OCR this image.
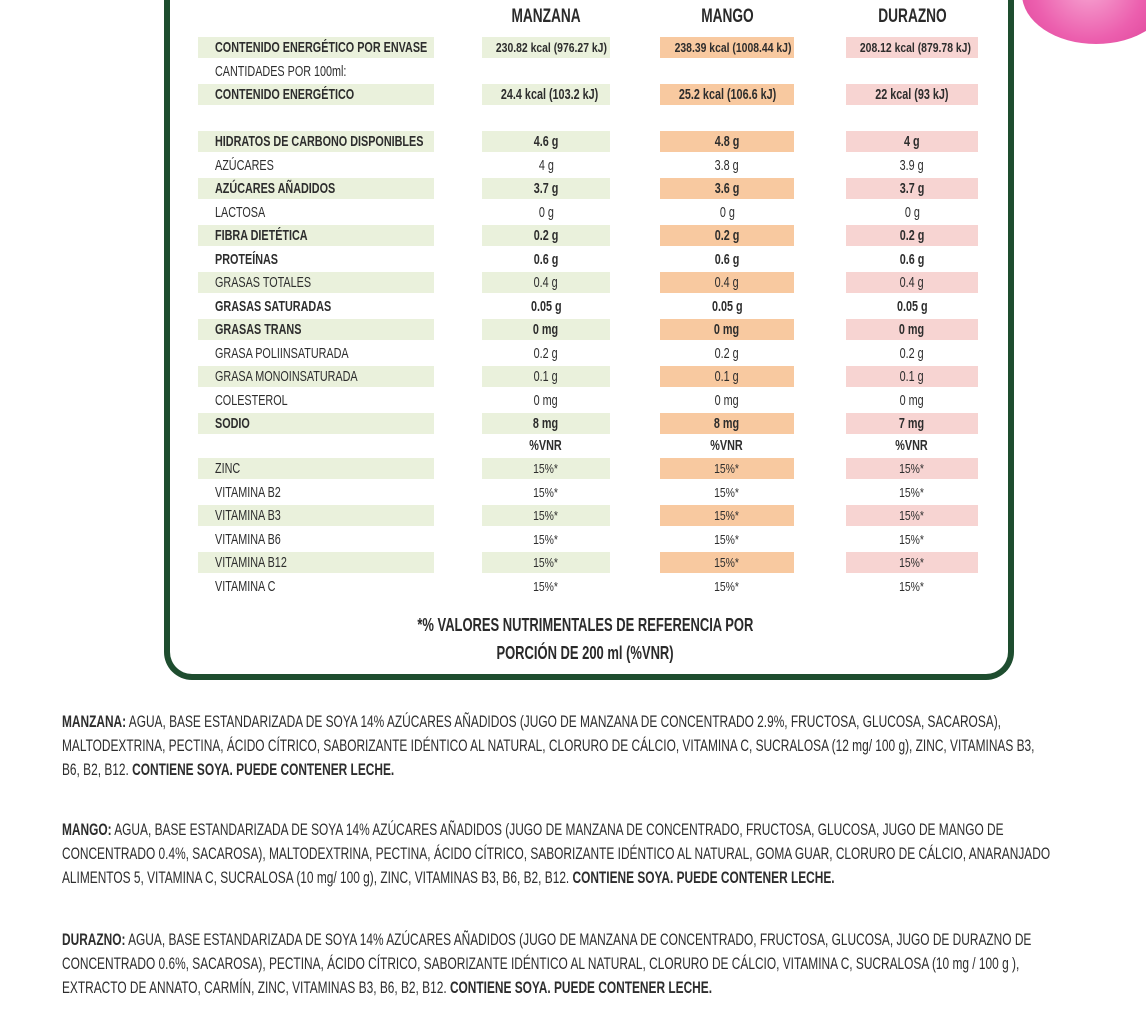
MANZANA	MANGO	DURAZNO
CONTENIDO ENERGÉTICO POR ENVASE	230.82 kcal (976.27 kJ)	238.39 kcal (1008.44 kJ)	208.12 kcal (879.78 kJ)
CANTIDADES POR 100ml:
CONTENIDO ENERGÉTICO	24.4 kcal (103.2 kJ)	25.2 kcal (106.6 kJ)	22 kcal (93 kJ)
HIDRATOS DE CARBONO DISPONIBLES	4.6 g	4.8 g	4 g
AZÚCARES	4 g	3.8 g	3.9 g
AZÚCARES AÑADIDOS	3.7 g	3.6 g	3.7 g
LACTOSA	0 g	0 g	0 g
FIBRA DIETÉTICA	0.2 g	0.2 g	0.2 g
PROTEÍNAS	0.6 g	0.6 g	0.6 g
GRASAS TOTALES	0.4 g	0.4 g	0.4 g
GRASAS SATURADAS	0.05 g	0.05 g	0.05 g
GRASAS TRANS	0 mg	0 mg	0 mg
GRASA POLIINSATURADA	0.2 g	0.2 g	0.2 g
GRASA MONOINSATURADA	0.1 g	0.1 g	0.1 g
COLESTEROL	0 mg	0 mg	0 mg
SODIO	8 mg	8 mg	7 mg
%VNR	%VNR	%VNR
ZINC	15%*	15%*	15%*
VITAMINA B2	15%*	15%*	15%*
VITAMINA B3	15%*	15%*	15%*
VITAMINA B6	15%*	15%*	15%*
VITAMINA B12	15%*	15%*	15%*
VITAMINA C	15%*	15%*	15%*
*% VALORES NUTRIMENTALES DE REFERENCIA POR
PORCIÓN DE 200 ml (%VNR)
MANZANA: AGUA, BASE ESTANDARIZADA DE SOYA 14% AZÚCARES AÑADIDOS (JUGO DE MANZANA DE CONCENTRADO 2.9%, FRUCTOSA, GLUCOSA, SACAROSA),
MALTODEXTRINA, PECTINA, ÁCIDO CÍTRICO, SABORIZANTE IDÉNTICO AL NATURAL, CLORURO DE CÁLCIO, VITAMINA C, SUCRALOSA (12 mg/ 100 g), ZINC, VITAMINAS B3,
B6, B2, B12. CONTIENE SOYA. PUEDE CONTENER LECHE.
MANGO: AGUA, BASE ESTANDARIZADA DE SOYA 14% AZÚCARES AÑADIDOS (JUGO DE MANZANA DE CONCENTRADO, FRUCTOSA, GLUCOSA, JUGO DE MANGO DE
CONCENTRADO 0.4%, SACAROSA), MALTODEXTRINA, PECTINA, ÁCIDO CÍTRICO, SABORIZANTE IDÉNTICO AL NATURAL, GOMA GUAR, CLORURO DE CÁLCIO, ANARANJADO
ALIMENTOS 5, VITAMINA C, SUCRALOSA (10 mg/ 100 g), ZINC, VITAMINAS B3, B6, B2, B12. CONTIENE SOYA. PUEDE CONTENER LECHE.
DURAZNO: AGUA, BASE ESTANDARIZADA DE SOYA 14% AZÚCARES AÑADIDOS (JUGO DE MANZANA DE CONCENTRADO, FRUCTOSA, GLUCOSA, JUGO DE DURAZNO DE
CONCENTRADO 0.6%, SACAROSA), PECTINA, ÁCIDO CÍTRICO, SABORIZANTE IDÉNTICO AL NATURAL, CLORURO DE CÁLCIO, VITAMINA C, SUCRALOSA (10 mg / 100 g ),
EXTRACTO DE ANNATO, CARMÍN, ZINC, VITAMINAS B3, B6, B2, B12. CONTIENE SOYA. PUEDE CONTENER LECHE.
